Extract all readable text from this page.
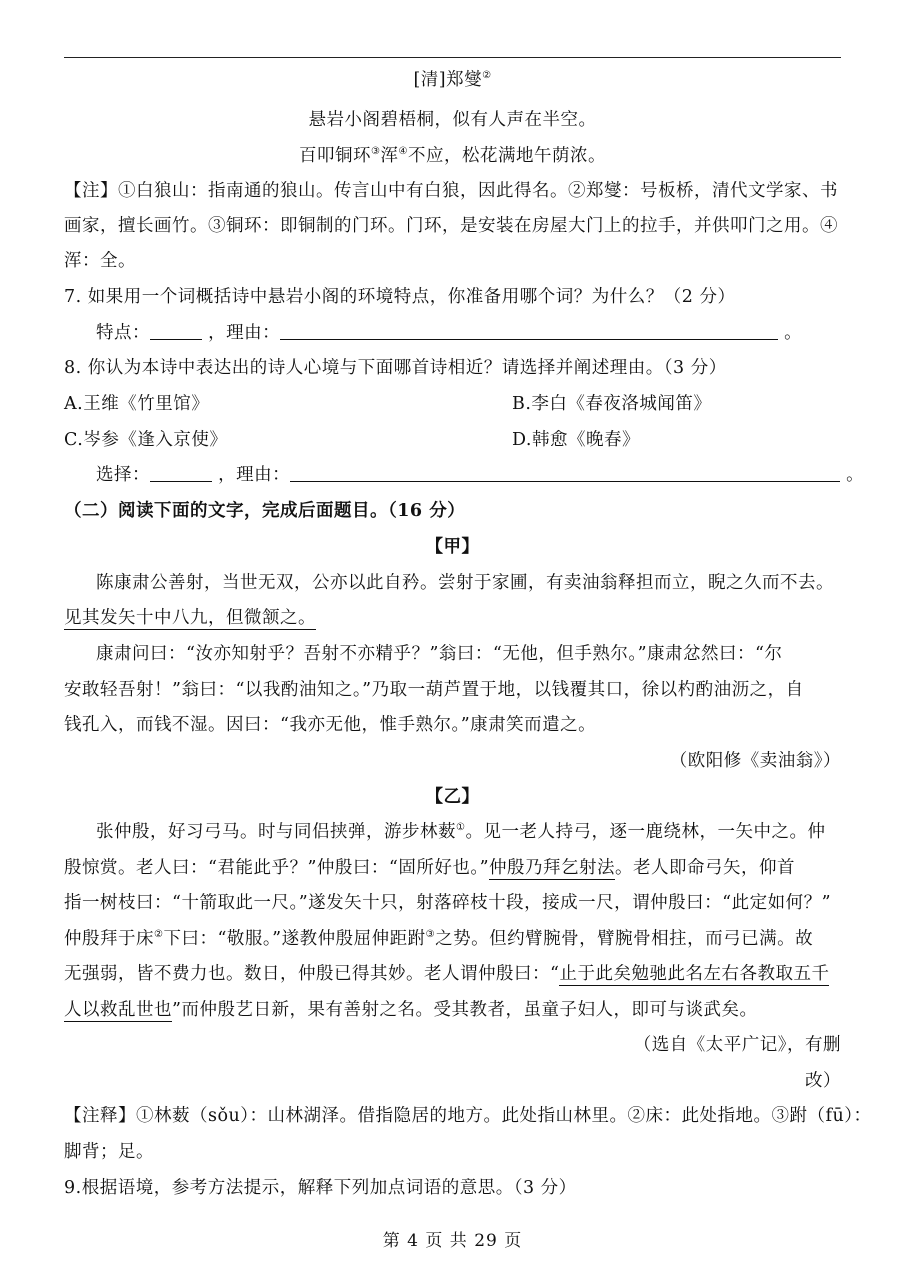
[清]郑燮②
悬岩小阁碧梧桐，似有人声在半空。
百叩铜环③浑④不应，松花满地午荫浓。
【注】①白狼山：指南通的狼山。传言山中有白狼，因此得名。②郑燮：号板桥，清代文学家、书
画家，擅长画竹。③铜环：即铜制的门环。门环，是安装在房屋大门上的拉手，并供叩门之用。④
浑：全。
7. 如果用一个词概括诗中悬岩小阁的环境特点，你准备用哪个词？为什么？（2 分）
特点：	，理由：	。
8. 你认为本诗中表达出的诗人心境与下面哪首诗相近？请选择并阐述理由。（3 分）
A.王维《竹里馆》	B.李白《春夜洛城闻笛》
C.岑参《逢入京使》	D.韩愈《晚春》
选择：	，理由：	。
（二）阅读下面的文字，完成后面题目。（16 分）
【甲】
陈康肃公善射，当世无双，公亦以此自矜。尝射于家圃，有卖油翁释担而立，睨之久而不去。
见其发矢十中八九，但微颔之。
康肃问曰：“汝亦知射乎？吾射不亦精乎？”翁曰：“无他，但手熟尔。”康肃忿然曰：“尔
安敢轻吾射！”翁曰：“以我酌油知之。”乃取一葫芦置于地，以钱覆其口，徐以杓酌油沥之，自
钱孔入，而钱不湿。因曰：“我亦无他，惟手熟尔。”康肃笑而遣之。
（欧阳修《卖油翁》）
【乙】
张仲殷，好习弓马。时与同侣挟弹，游步林薮①。见一老人持弓，逐一鹿绕林，一矢中之。仲
殷惊赏。老人曰：“君能此乎？”仲殷曰：“固所好也。”仲殷乃拜乞射法。老人即命弓矢，仰首
指一树枝曰：“十箭取此一尺。”遂发矢十只，射落碎枝十段，接成一尺，谓仲殷曰：“此定如何？”
仲殷拜于床②下曰：“敬服。”遂教仲殷屈伸距跗③之势。但约臂腕骨，臂腕骨相拄，而弓已满。故
无强弱，皆不费力也。数日，仲殷已得其妙。老人谓仲殷曰：“止于此矣勉驰此名左右各教取五千
人以救乱世也”而仲殷艺日新，果有善射之名。受其教者，虽童子妇人，即可与谈武矣。
（选自《太平广记》，有删
改）
【注释】①林薮（sǒu）：山林湖泽。借指隐居的地方。此处指山林里。②床：此处指地。③跗（fū）：
脚背；足。
9.根据语境，参考方法提示，解释下列加点词语的意思。（3 分）
第 4 页 共 29 页
